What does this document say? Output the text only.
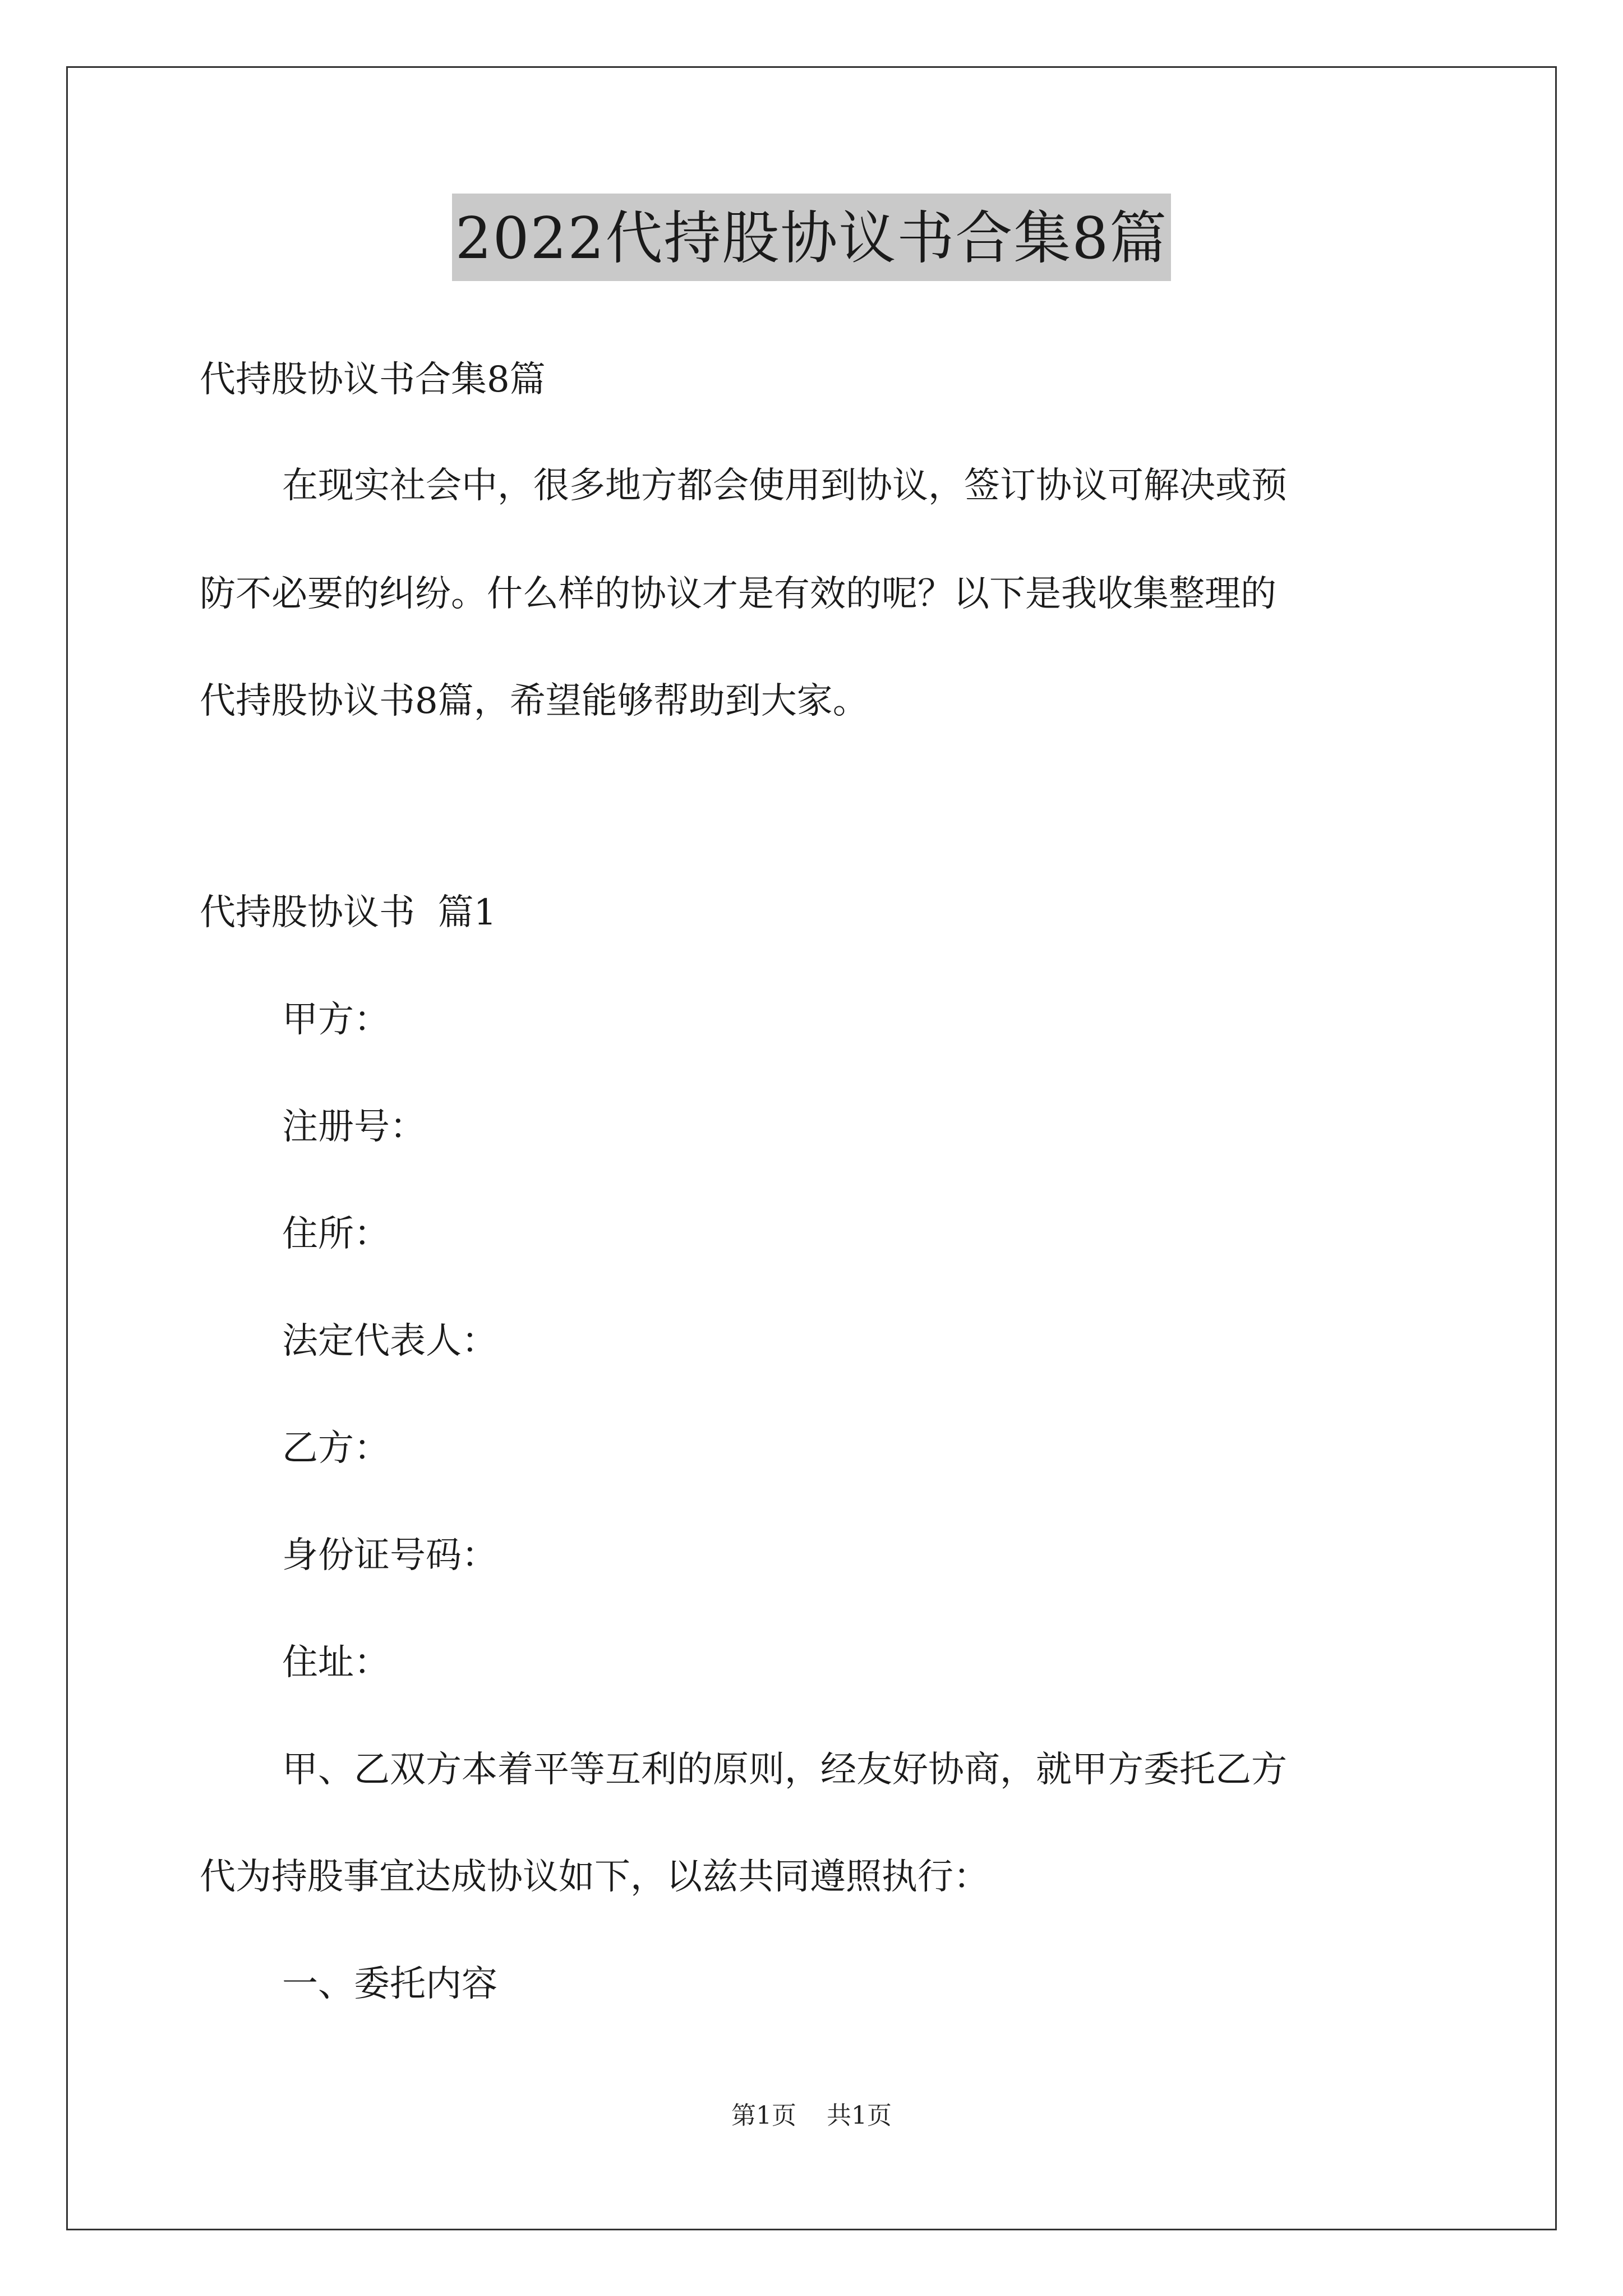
2022代持股协议书合集8篇
代持股协议书合集8篇
在现实社会中，很多地方都会使用到协议，签订协议可解决或预
防不必要的纠纷。什么样的协议才是有效的呢？以下是我收集整理的
代持股协议书8篇，希望能够帮助到大家。
代持股协议书  篇1
甲方：
注册号：
住所：
法定代表人：
乙方：
身份证号码：
住址：
甲、乙双方本着平等互利的原则，经友好协商，就甲方委托乙方
代为持股事宜达成协议如下，以兹共同遵照执行：
一、委托内容
第1页 共1页
